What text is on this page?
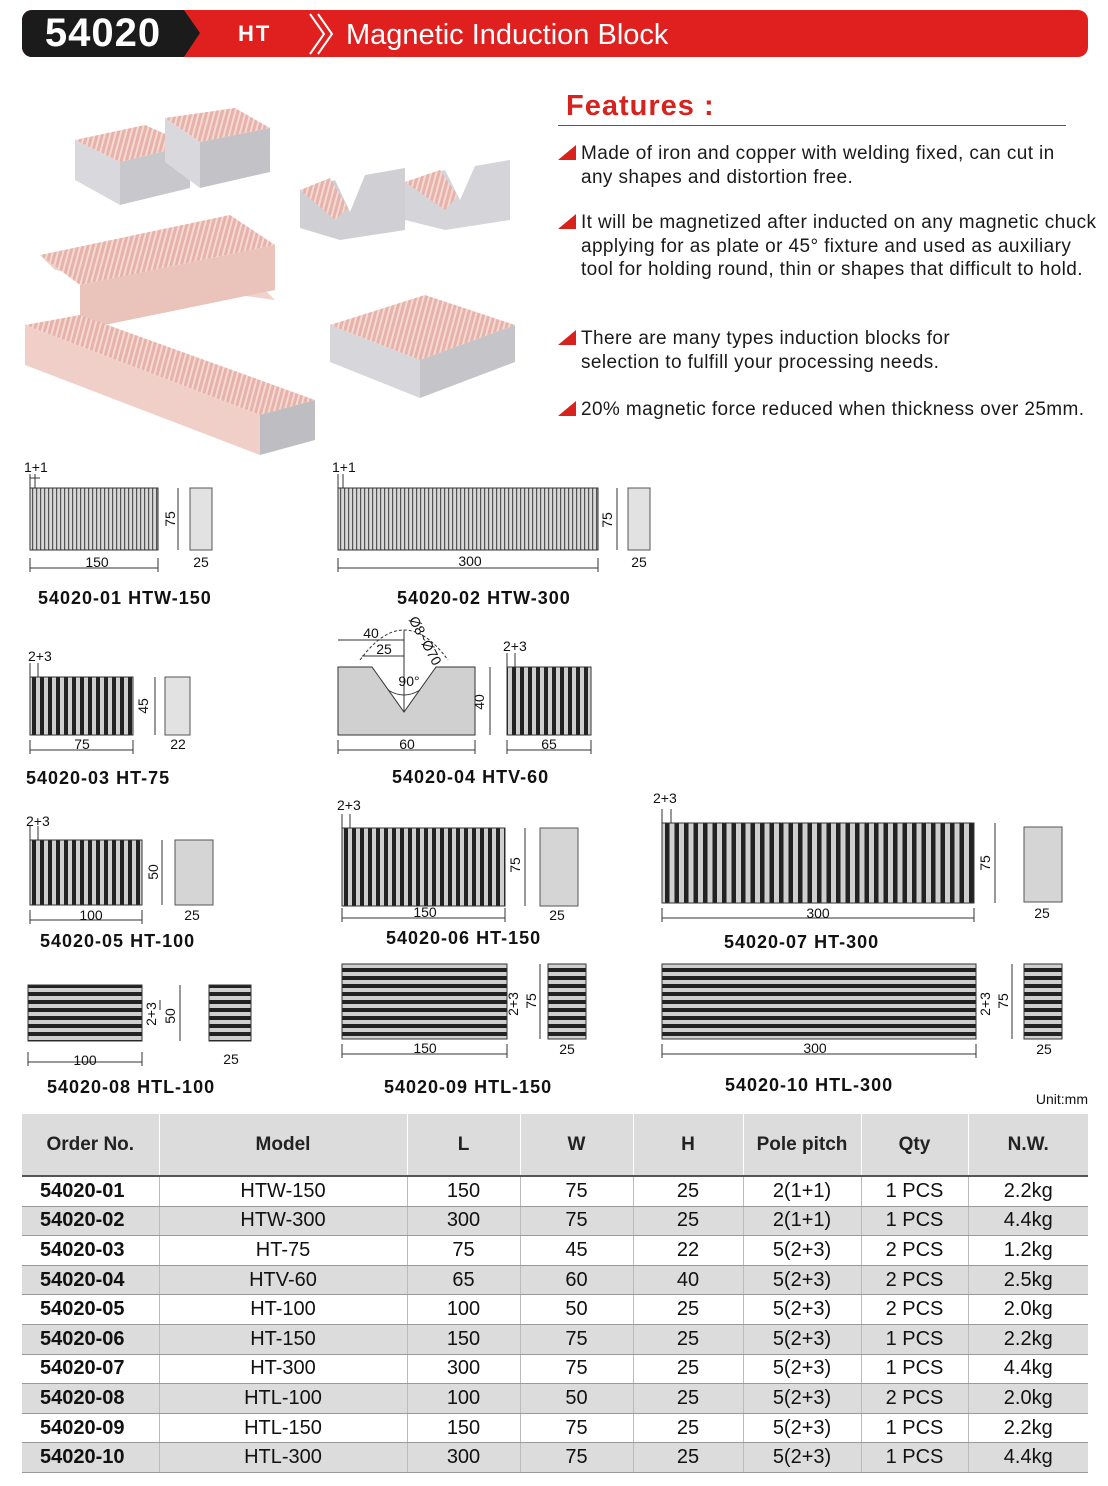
54020	HT	Magnetic Induction Block
Features :
Made of iron and copper with welding fixed, can cut in any shapes and distortion free.
It will be magnetized after inducted on any magnetic chuck applying for as plate or 45° fixture and used as auxiliary tool for holding round, thin or shapes that difficult to hold.
There are many types induction blocks for selection to fulfill your processing needs.
20% magnetic force reduced when thickness over 25mm.
150
75
25
1+1
300
75
25
1+1
75
45
22
2+3
60
40
65
2+3
40
25
90°
Ø8~Ø70
100
50
25
2+3
150
75
25
2+3
300
75
25
2+3
100
50
25
2+3
150
75
25
2+3
300
75
25
2+3
54020-01 HTW-150	54020-02 HTW-300
54020-03 HT-75	54020-04 HTV-60
54020-05 HT-100	54020-06 HT-150	54020-07 HT-300
54020-08 HTL-100	54020-09 HTL-150	54020-10 HTL-300
Unit:mm
Order No.	Model	L	W	H	Pole pitch	Qty	N.W.
54020-01	HTW-150	150	75	25	2(1+1)	1 PCS	2.2kg
54020-02	HTW-300	300	75	25	2(1+1)	1 PCS	4.4kg
54020-03	HT-75	75	45	22	5(2+3)	2 PCS	1.2kg
54020-04	HTV-60	65	60	40	5(2+3)	2 PCS	2.5kg
54020-05	HT-100	100	50	25	5(2+3)	2 PCS	2.0kg
54020-06	HT-150	150	75	25	5(2+3)	1 PCS	2.2kg
54020-07	HT-300	300	75	25	5(2+3)	1 PCS	4.4kg
54020-08	HTL-100	100	50	25	5(2+3)	2 PCS	2.0kg
54020-09	HTL-150	150	75	25	5(2+3)	1 PCS	2.2kg
54020-10	HTL-300	300	75	25	5(2+3)	1 PCS	4.4kg
